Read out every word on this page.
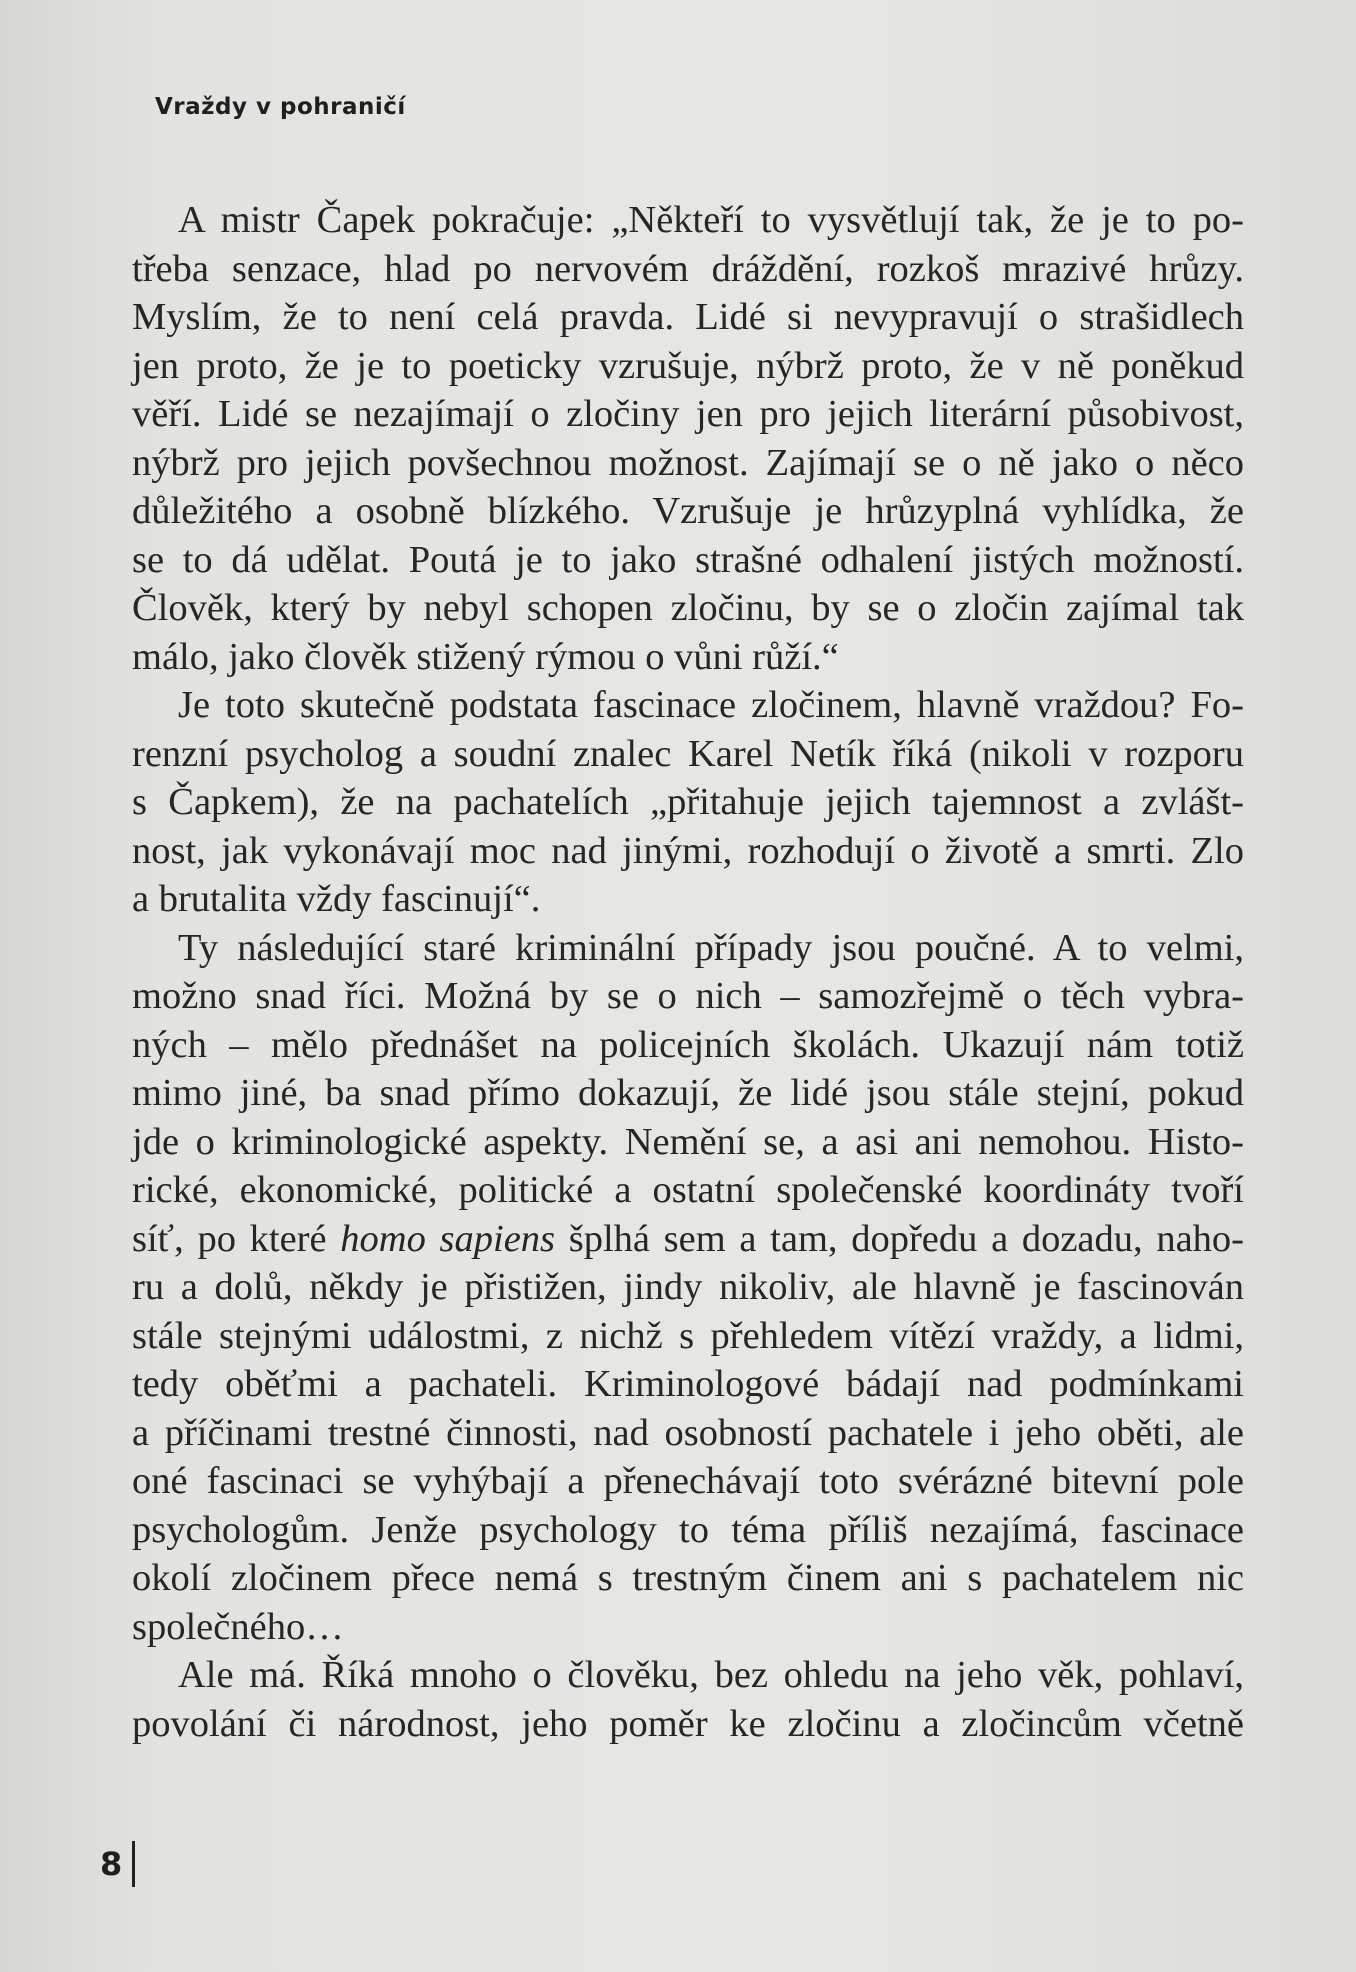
Vraždy v pohraničí

A mistr Čapek pokračuje: „Někteří to vysvětlují tak, že je to po-
třeba senzace, hlad po nervovém dráždění, rozkoš mrazivé hrůzy.
Myslím, že to není celá pravda. Lidé si nevypravují o strašidlech
jen proto, že je to poeticky vzrušuje, nýbrž proto, že v ně poněkud
věří. Lidé se nezajímají o zločiny jen pro jejich literární působivost,
nýbrž pro jejich povšechnou možnost. Zajímají se o ně jako o něco
důležitého a osobně blízkého. Vzrušuje je hrůzyplná vyhlídka, že
se to dá udělat. Poutá je to jako strašné odhalení jistých možností.
Člověk, který by nebyl schopen zločinu, by se o zločin zajímal tak
málo, jako člověk stižený rýmou o vůni růží.“

Je toto skutečně podstata fascinace zločinem, hlavně vraždou? Fo-
renzní psycholog a soudní znalec Karel Netík říká (nikoli v rozporu
s Čapkem), že na pachatelích „přitahuje jejich tajemnost a zvlášt-
nost, jak vykonávají moc nad jinými, rozhodují o životě a smrti. Zlo
a brutalita vždy fascinují“.

Ty následující staré kriminální případy jsou poučné. A to velmi,
možno snad říci. Možná by se o nich – samozřejmě o těch vybra-
ných – mělo přednášet na policejních školách. Ukazují nám totiž
mimo jiné, ba snad přímo dokazují, že lidé jsou stále stejní, pokud
jde o kriminologické aspekty. Nemění se, a asi ani nemohou. Histo-
rické, ekonomické, politické a ostatní společenské koordináty tvoří
síť, po které homo sapiens šplhá sem a tam, dopředu a dozadu, naho-
ru a dolů, někdy je přistižen, jindy nikoliv, ale hlavně je fascinován
stále stejnými událostmi, z nichž s přehledem vítězí vraždy, a lidmi,
tedy oběťmi a pachateli. Kriminologové bádají nad podmínkami
a příčinami trestné činnosti, nad osobností pachatele i jeho oběti, ale
oné fascinaci se vyhýbají a přenechávají toto svérázné bitevní pole
psychologům. Jenže psychology to téma příliš nezajímá, fascinace
okolí zločinem přece nemá s trestným činem ani s pachatelem nic
společného…

Ale má. Říká mnoho o člověku, bez ohledu na jeho věk, pohlaví,
povolání či národnost, jeho poměr ke zločinu a zločincům včetně

8
